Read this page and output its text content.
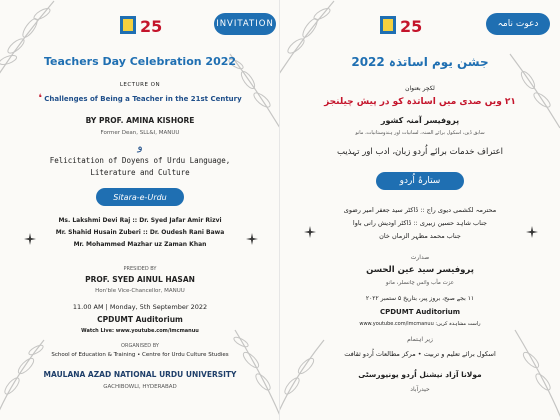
25	INVITATION
Teachers Day Celebration 2022
LECTURE ON
❛ Challenges of Being a Teacher in the 21st Century
BY PROF. AMINA KISHORE
Former Dean, SLL&I, MANUU
و
Felicitation of Doyens of Urdu Language,
Literature and Culture
Sitara-e-Urdu
Ms. Lakshmi Devi Raj :: Dr. Syed Jafar Amir Rizvi
Mr. Shahid Husain Zuberi :: Dr. Oudesh Rani Bawa
Mr. Mohammed Mazhar uz Zaman Khan
PRESIDED BY
PROF. SYED AINUL HASAN
Hon'ble Vice-Chancellor, MANUU
11.00 AM | Monday, 5th September 2022
CPDUMT Auditorium
Watch Live: www.youtube.com/imcmanuu
ORGANISED BY
School of Education & Training • Centre for Urdu Culture Studies
MAULANA AZAD NATIONAL URDU UNIVERSITY
GACHIBOWLI, HYDERABAD
25	دعوت نامہ
جشن یوم اساتذہ 2022
لکچر بعنوان
۲۱ ویں صدی میں اساتذہ کو در پیش چیلنجز
پروفیسر آمنہ کشور
سابق ڈین، اسکول برائے السنہ، لسانیات اور ہندوستانیات، مانو
اعتراف خدمات برائے اُردو زبان، ادب اور تہذیب
ستارۂ اُردو
محترمہ لکشمی دیوی راج :: ڈاکٹر سید جعفر امیر رضوی
جناب شاہد حسین زبیری :: ڈاکٹر اودیش رانی باوا
جناب محمد مظہر الزماں خان
صدارت
پروفیسر سید عین الحسن
عزت مآب وائس چانسلر، مانو
۱۱ بجے صبح، بروز پیر، بتاریخ ۵ ستمبر ۲۰۲۲
CPDUMT Auditorium
www.youtube.com/imcmanuu :راست مشاہدہ کریں
زیر اہتمام
اسکول برائے تعلیم و تربیت • مرکز مطالعات اُردو ثقافت
مولانا آزاد نیشنل اُردو یونیورسٹی
حیدرآباد
